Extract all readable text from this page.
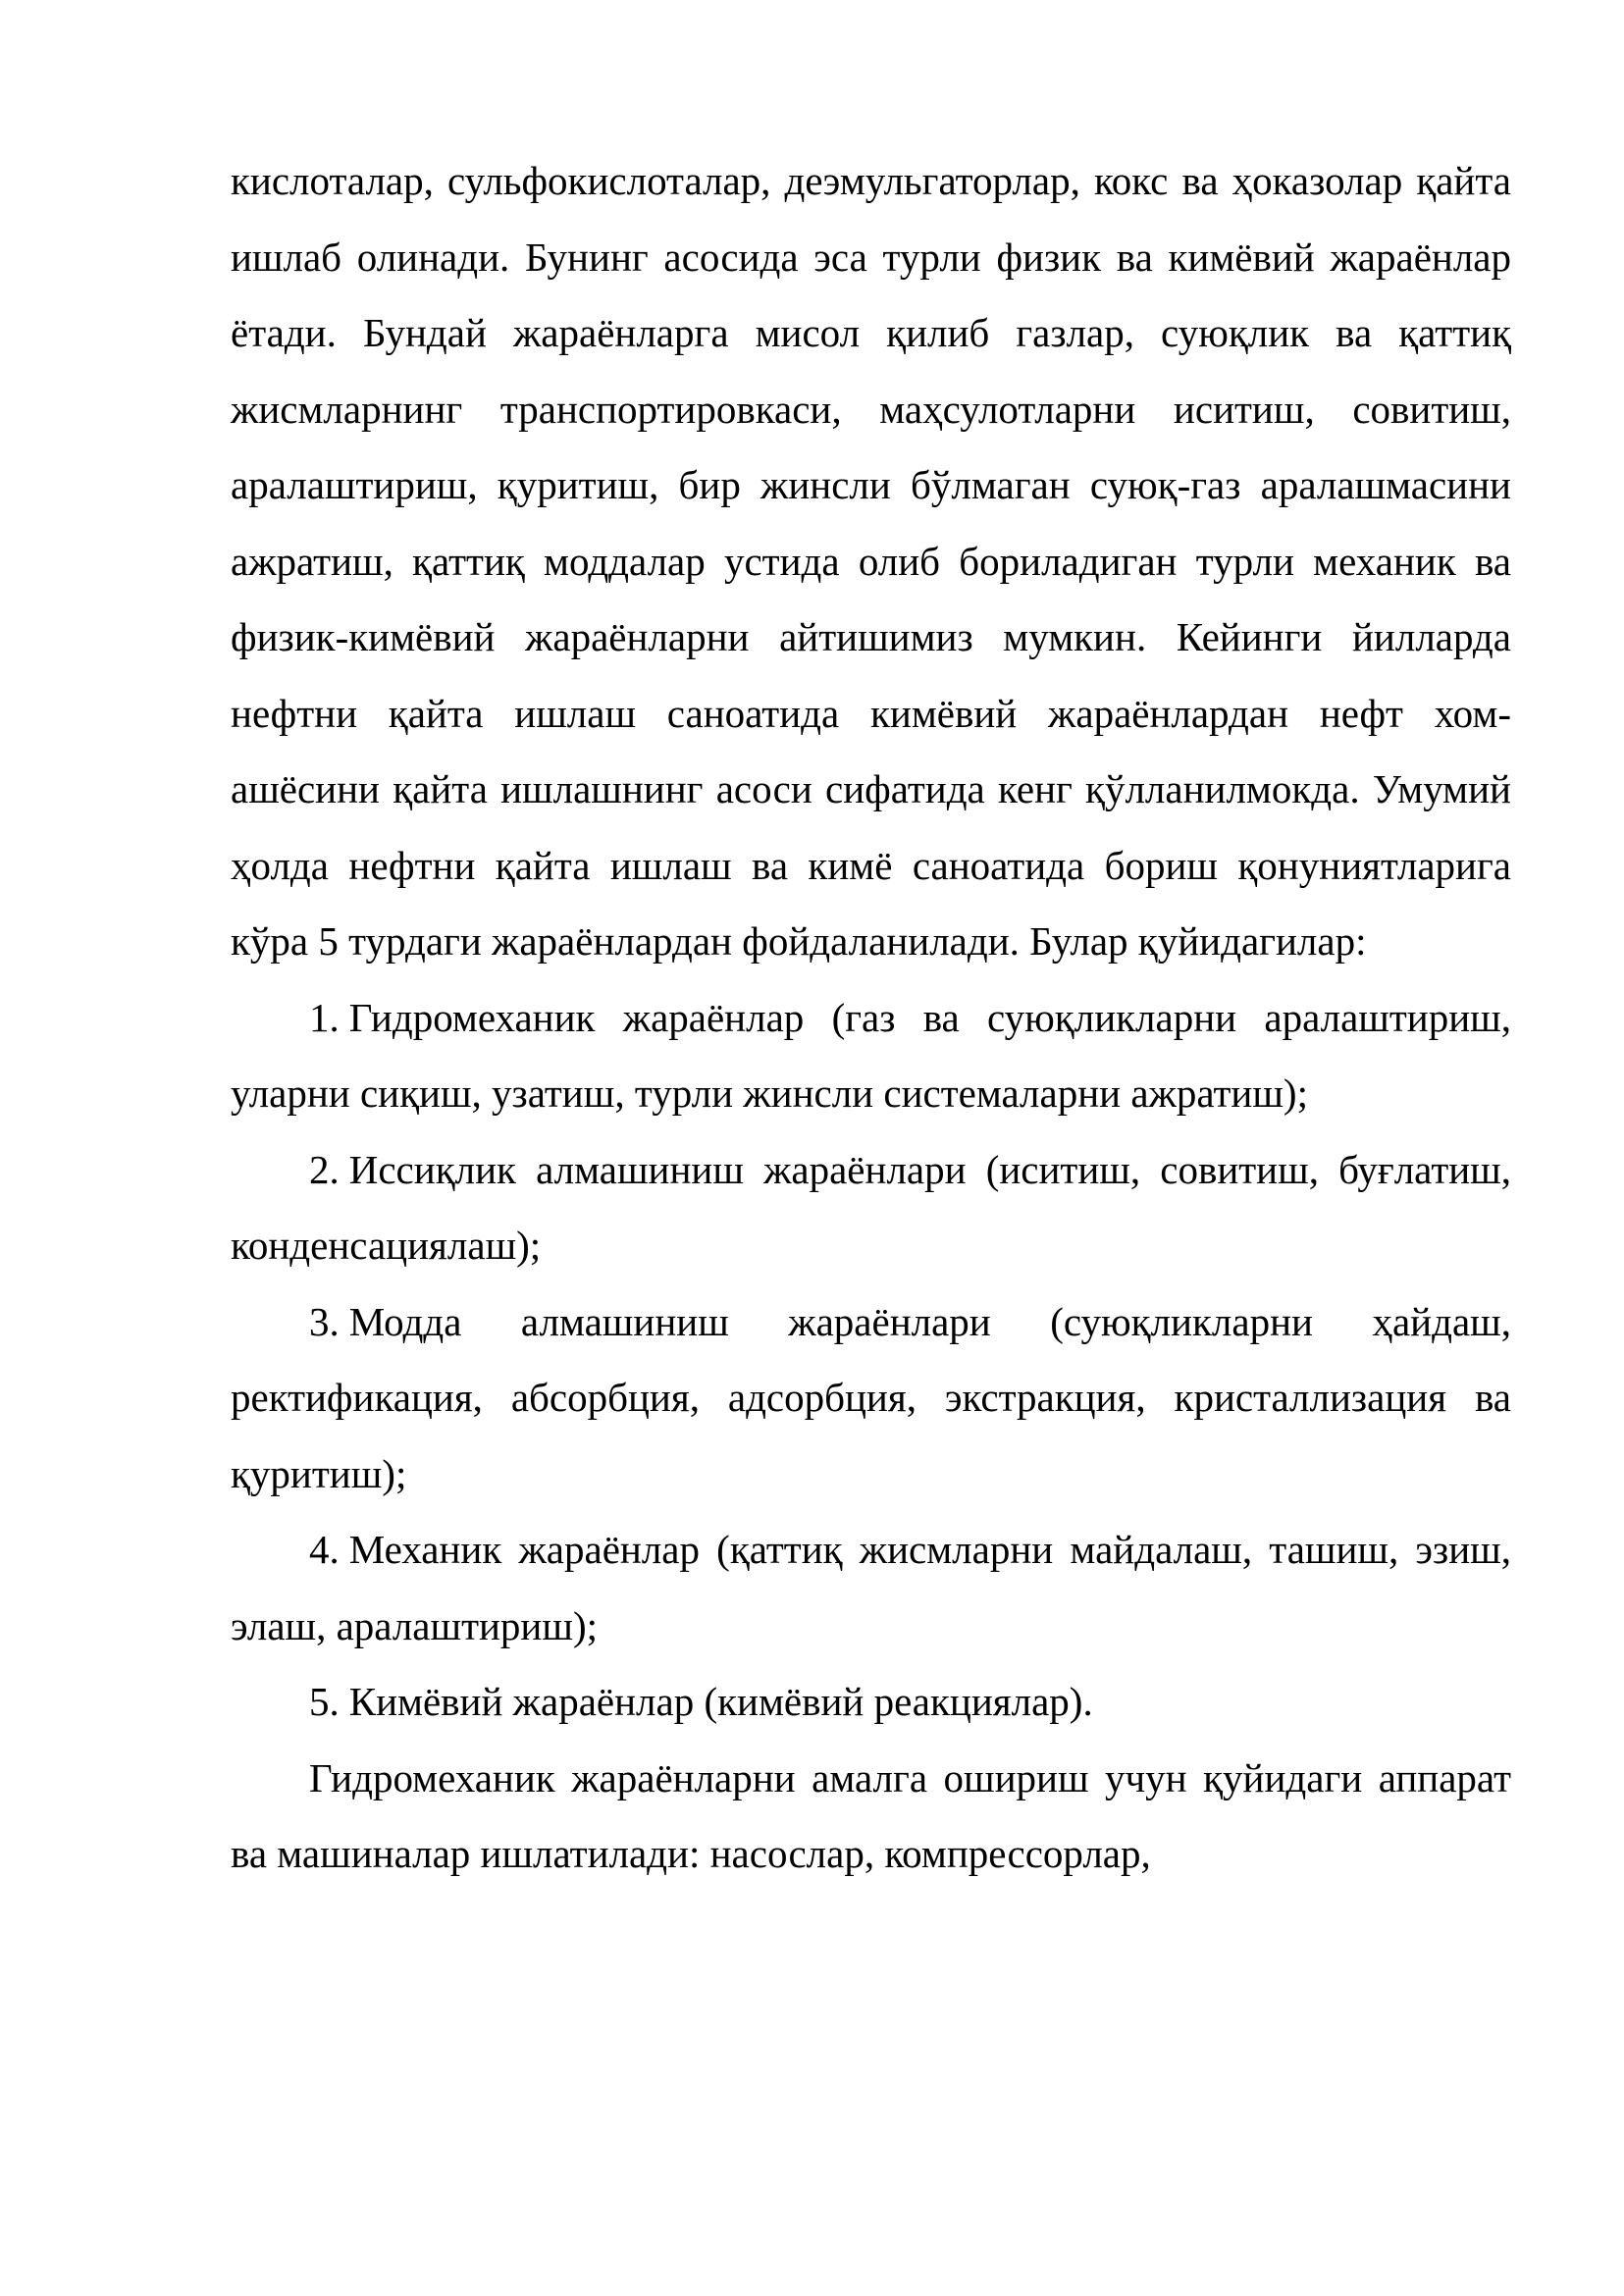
кислоталар, сульфокислоталар, деэмульгаторлар, кокс ва ҳоказолар қайта ишлаб олинади. Бунинг асосида эса турли физик ва кимёвий жараёнлар ётади. Бундай жараёнларга мисол қилиб газлар, суюқлик ва қаттиқ жисмларнинг транспортировкаси, маҳсулотларни иситиш, совитиш, аралаштириш, қуритиш, бир жинсли бўлмаган суюқ-газ аралашмасини ажратиш, қаттиқ моддалар устида олиб бориладиган турли механик ва физик-кимёвий жараёнларни айтишимиз мумкин. Кейинги йилларда нефтни қайта ишлаш саноатида кимёвий жараёнлардан нефт хом-ашёсини қайта ишлашнинг асоси сифатида кенг қўлланилмокда. Умумий ҳолда нефтни қайта ишлаш ва кимё саноатида бориш қонуниятларига кўра 5 турдаги жараёнлардан фойдаланилади. Булар қуйидагилар:

1. Гидромеханик жараёнлар (газ ва суюқликларни аралаштириш, уларни сиқиш, узатиш, турли жинсли системаларни ажратиш);

2. Иссиқлик алмашиниш жараёнлари (иситиш, совитиш, буғлатиш, конденсациялаш);

3. Модда алмашиниш жараёнлари (суюқликларни ҳайдаш, ректификация, абсорбция, адсорбция, экстракция, кристаллизация ва қуритиш);

4. Механик жараёнлар (қаттиқ жисмларни майдалаш, ташиш, эзиш, элаш, аралаштириш);

5. Кимёвий жараёнлар (кимёвий реакциялар).

Гидромеханик жараёнларни амалга ошириш учун қуйидаги аппарат ва машиналар ишлатилади: насослар, компрессорлар,
